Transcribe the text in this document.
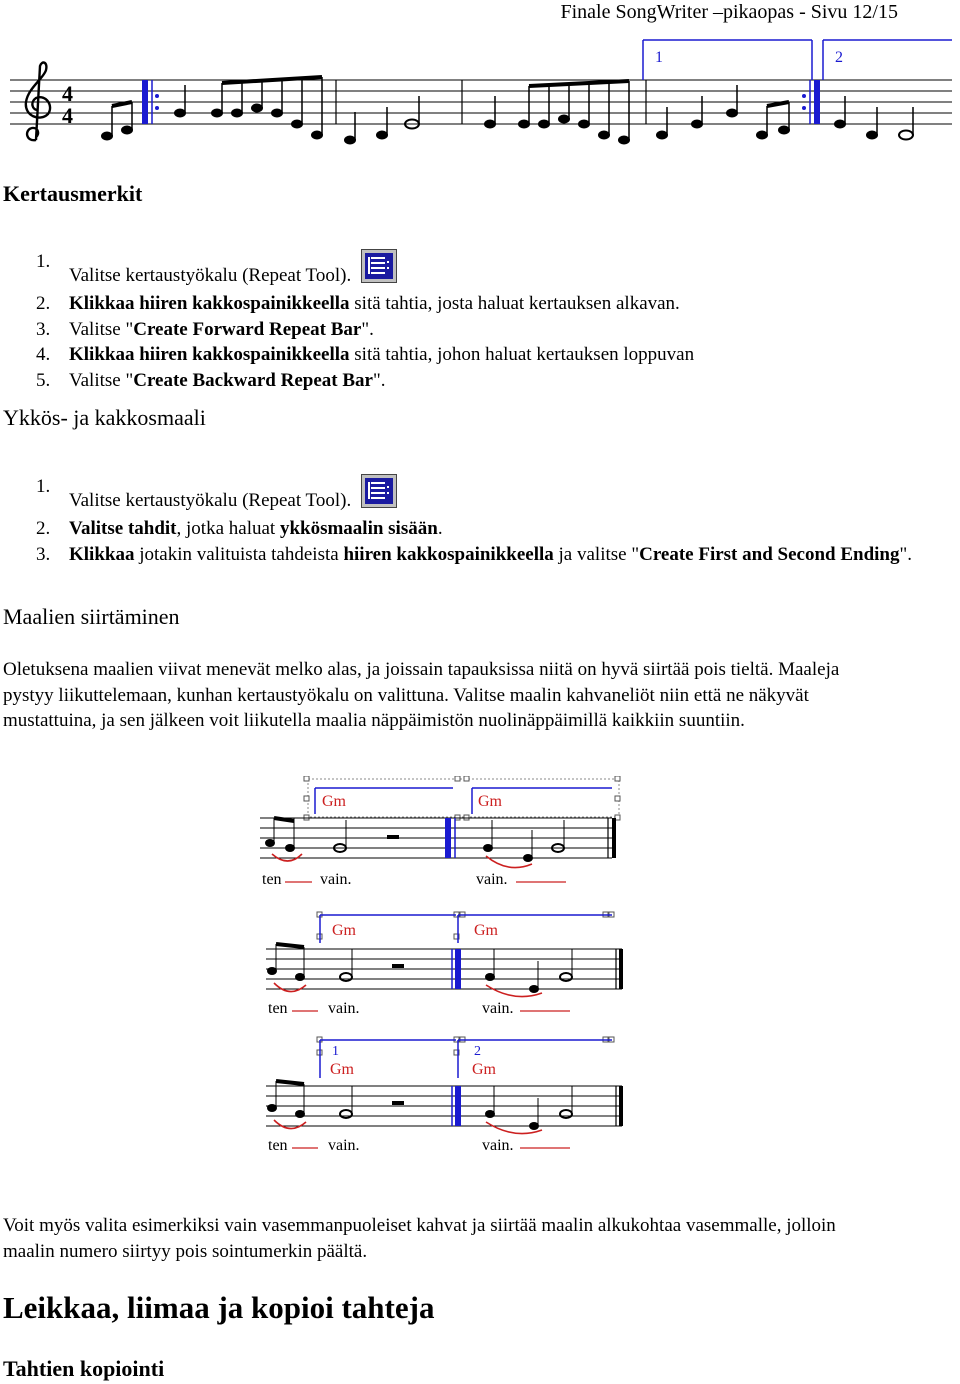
Finale SongWriter –pikaopas - Sivu 12/15
4
4
1	2
Kertausmerkit
1.
Valitse kertaustyökalu (Repeat Tool).
2. Klikkaa hiiren kakkospainikkeella sitä tahtia, josta haluat kertauksen alkavan.
3. Valitse "Create Forward Repeat Bar".
4. Klikkaa hiiren kakkospainikkeella sitä tahtia, johon haluat kertauksen loppuvan
5. Valitse "Create Backward Repeat Bar".
Ykkös- ja kakkosmaali
1.
Valitse kertaustyökalu (Repeat Tool).
2. Valitse tahdit, jotka haluat ykkösmaalin sisään.
3. Klikkaa jotakin valituista tahdeista hiiren kakkospainikkeella ja valitse "Create First and Second Ending".
Maalien siirtäminen

Oletuksena maalien viivat menevät melko alas, ja joissain tapauksissa niitä on hyvä siirtää pois tieltä. Maaleja pystyy liikuttelemaan, kunhan kertaustyökalu on valittuna. Valitse maalin kahvaneliöt niin että ne näkyvät mustattuina, ja sen jälkeen voit liikutella maalia näppäimistön nuolinäppäimillä kaikkiin suuntiin.

Gm	Gm
ten vain.	vain.
Gm	Gm
ten	vain.	vain.
1	2
Gm	Gm
ten	vain.	vain.

Voit myös valita esimerkiksi vain vasemmanpuoleiset kahvat ja siirtää maalin alkukohtaa vasemmalle, jolloin maalin numero siirtyy pois sointumerkin päältä.

Leikkaa, liimaa ja kopioi tahteja
Tahtien kopiointi
